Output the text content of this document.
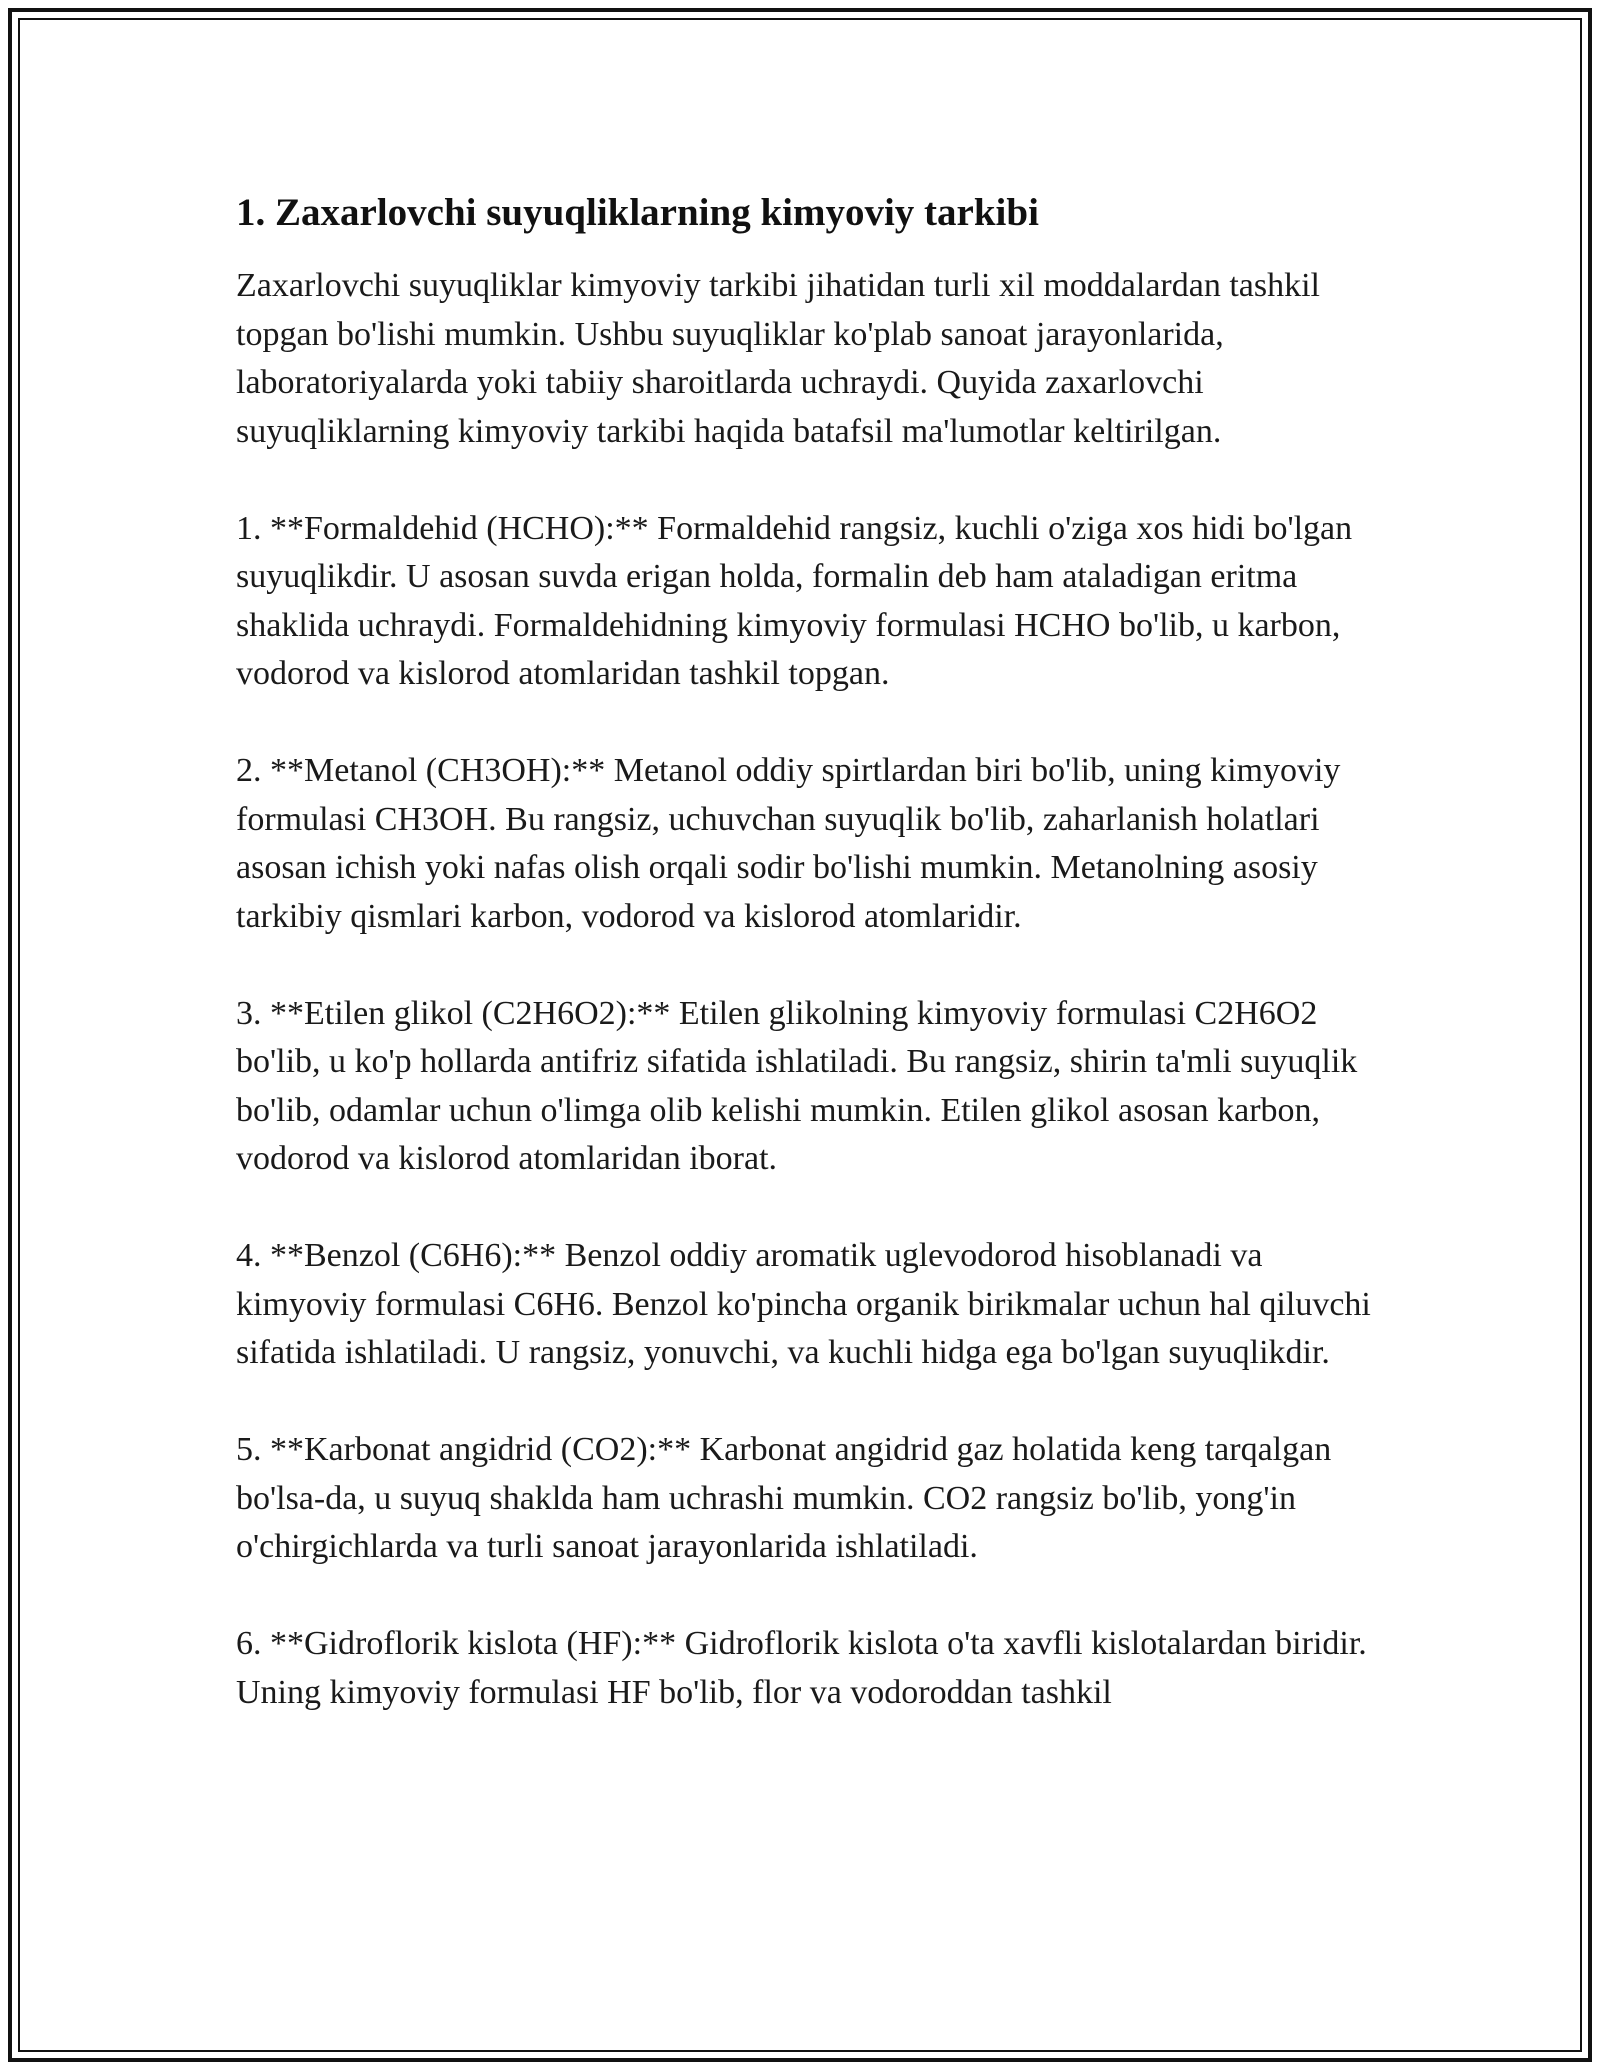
1. Zaxarlovchi suyuqliklarning kimyoviy tarkibi

Zaxarlovchi suyuqliklar kimyoviy tarkibi jihatidan turli xil moddalardan tashkil topgan bo'lishi mumkin. Ushbu suyuqliklar ko'plab sanoat jarayonlarida, laboratoriyalarda yoki tabiiy sharoitlarda uchraydi. Quyida zaxarlovchi suyuqliklarning kimyoviy tarkibi haqida batafsil ma'lumotlar keltirilgan.

1. **Formaldehid (HCHO):** Formaldehid rangsiz, kuchli o'ziga xos hidi bo'lgan suyuqlikdir. U asosan suvda erigan holda, formalin deb ham ataladigan eritma shaklida uchraydi. Formaldehidning kimyoviy formulasi HCHO bo'lib, u karbon, vodorod va kislorod atomlaridan tashkil topgan.

2. **Metanol (CH3OH):** Metanol oddiy spirtlardan biri bo'lib, uning kimyoviy formulasi CH3OH. Bu rangsiz, uchuvchan suyuqlik bo'lib, zaharlanish holatlari asosan ichish yoki nafas olish orqali sodir bo'lishi mumkin. Metanolning asosiy tarkibiy qismlari karbon, vodorod va kislorod atomlaridir.

3. **Etilen glikol (C2H6O2):** Etilen glikolning kimyoviy formulasi C2H6O2 bo'lib, u ko'p hollarda antifriz sifatida ishlatiladi. Bu rangsiz, shirin ta'mli suyuqlik bo'lib, odamlar uchun o'limga olib kelishi mumkin. Etilen glikol asosan karbon, vodorod va kislorod atomlaridan iborat.

4. **Benzol (C6H6):** Benzol oddiy aromatik uglevodorod hisoblanadi va kimyoviy formulasi C6H6. Benzol ko'pincha organik birikmalar uchun hal qiluvchi sifatida ishlatiladi. U rangsiz, yonuvchi, va kuchli hidga ega bo'lgan suyuqlikdir.

5. **Karbonat angidrid (CO2):** Karbonat angidrid gaz holatida keng tarqalgan bo'lsa-da, u suyuq shakldа ham uchrashi mumkin. CO2 rangsiz bo'lib, yong'in o'chirgichlarda va turli sanoat jarayonlarida ishlatiladi.

6. **Gidroflorik kislota (HF):** Gidroflorik kislota o'ta xavfli kislotalardan biridir. Uning kimyoviy formulasi HF bo'lib, flor va vodoroddan tashkil
